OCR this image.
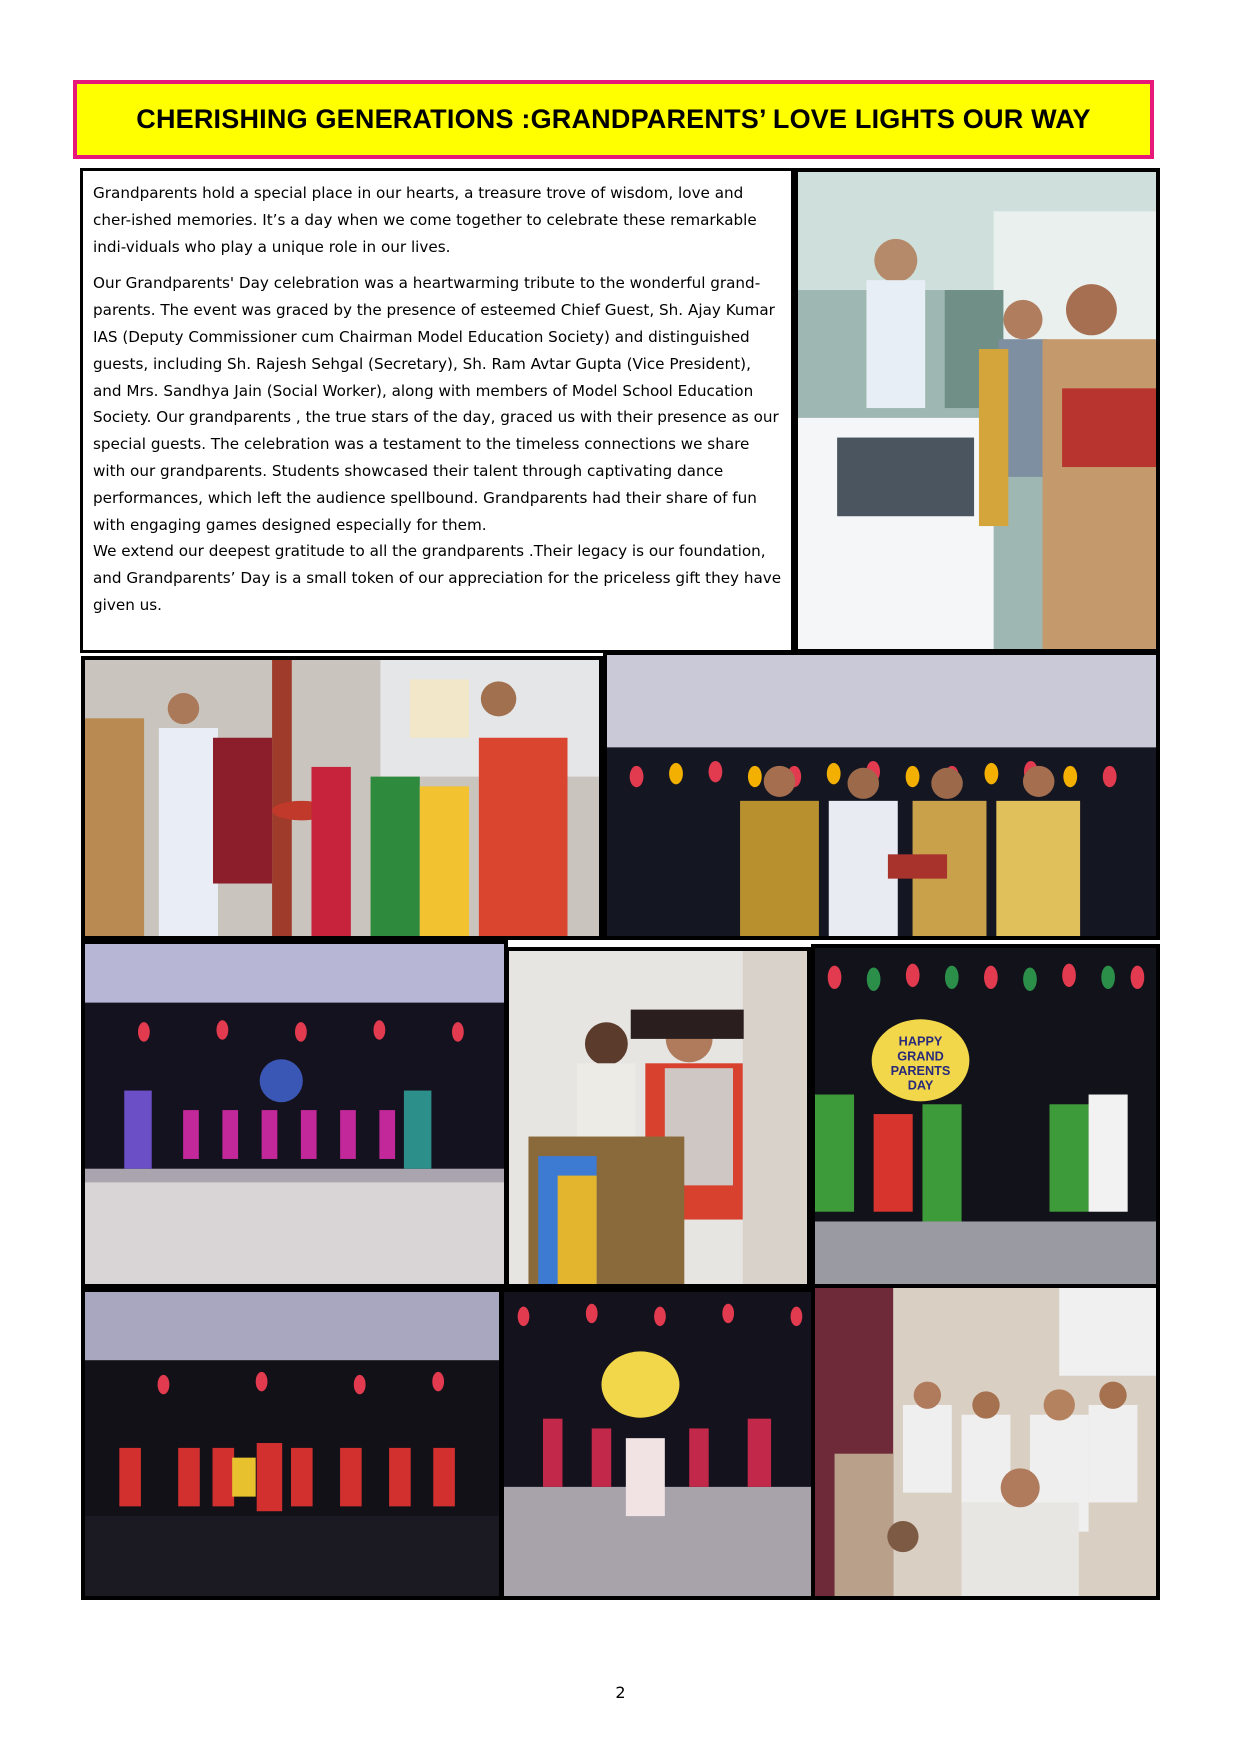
CHERISHING GENERATIONS :GRANDPARENTS’ LOVE LIGHTS OUR WAY

Grandparents hold a special place in our hearts, a treasure trove of wisdom, love and cher-ished memories. It’s a day when we come together to celebrate these remarkable indi-viduals who play a unique role in our lives.

Our Grandparents' Day celebration was a heartwarming tribute to the wonderful grand-parents. The event was graced by the presence of esteemed Chief Guest, Sh. Ajay Kumar IAS (Deputy Commissioner cum Chairman Model Education Society) and distinguished guests, including Sh. Rajesh Sehgal (Secretary), Sh. Ram Avtar Gupta (Vice President), and Mrs. Sandhya Jain (Social Worker), along with members of Model School Education Society. Our grandparents , the true stars of the day, graced us with their presence as our special guests. The celebration was a testament to the timeless connections we share with our grandparents. Students showcased their talent through captivating dance performances, which left the audience spellbound. Grandparents had their share of fun with engaging games designed especially for them.

We extend our deepest gratitude to all the grandparents .Their legacy is our foundation, and Grandparents’ Day is a small token of our appreciation for the priceless gift they have given us.

HAPPY
GRAND
PARENTS
DAY
2
